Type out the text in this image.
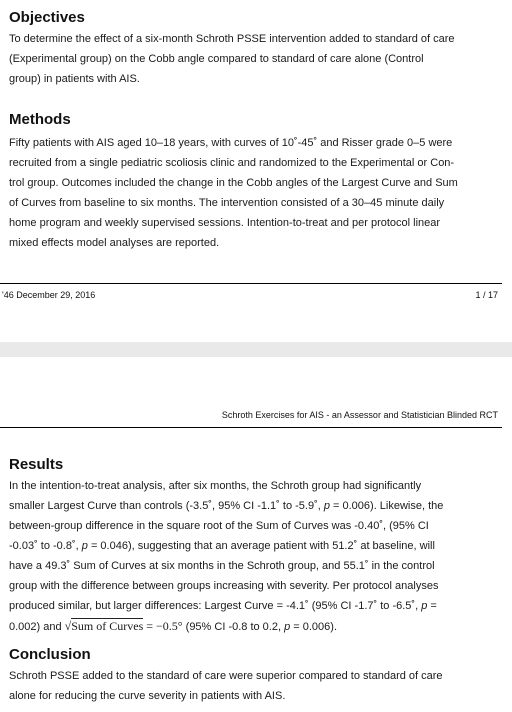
Objectives
To determine the effect of a six-month Schroth PSSE intervention added to standard of care
(Experimental group) on the Cobb angle compared to standard of care alone (Control
group) in patients with AIS.
Methods
Fifty patients with AIS aged 10–18 years, with curves of 10˚-45˚ and Risser grade 0–5 were
recruited from a single pediatric scoliosis clinic and randomized to the Experimental or Con-
trol group. Outcomes included the change in the Cobb angles of the Largest Curve and Sum
of Curves from baseline to six months. The intervention consisted of a 30–45 minute daily
home program and weekly supervised sessions. Intention-to-treat and per protocol linear
mixed effects model analyses are reported.
'46 December 29, 2016	1 / 17
Schroth Exercises for AIS - an Assessor and Statistician Blinded RCT
Results
In the intention-to-treat analysis, after six months, the Schroth group had significantly
smaller Largest Curve than controls (-3.5˚, 95% CI -1.1˚ to -5.9˚, p = 0.006). Likewise, the
between-group difference in the square root of the Sum of Curves was -0.40˚, (95% CI
-0.03˚ to -0.8˚, p = 0.046), suggesting that an average patient with 51.2˚ at baseline, will
have a 49.3˚ Sum of Curves at six months in the Schroth group, and 55.1˚ in the control
group with the difference between groups increasing with severity. Per protocol analyses
produced similar, but larger differences: Largest Curve = -4.1˚ (95% CI -1.7˚ to -6.5˚, p =
0.002) and √Sum of Curves = −0.5° (95% CI -0.8 to 0.2, p = 0.006).
Conclusion
Schroth PSSE added to the standard of care were superior compared to standard of care
alone for reducing the curve severity in patients with AIS.
